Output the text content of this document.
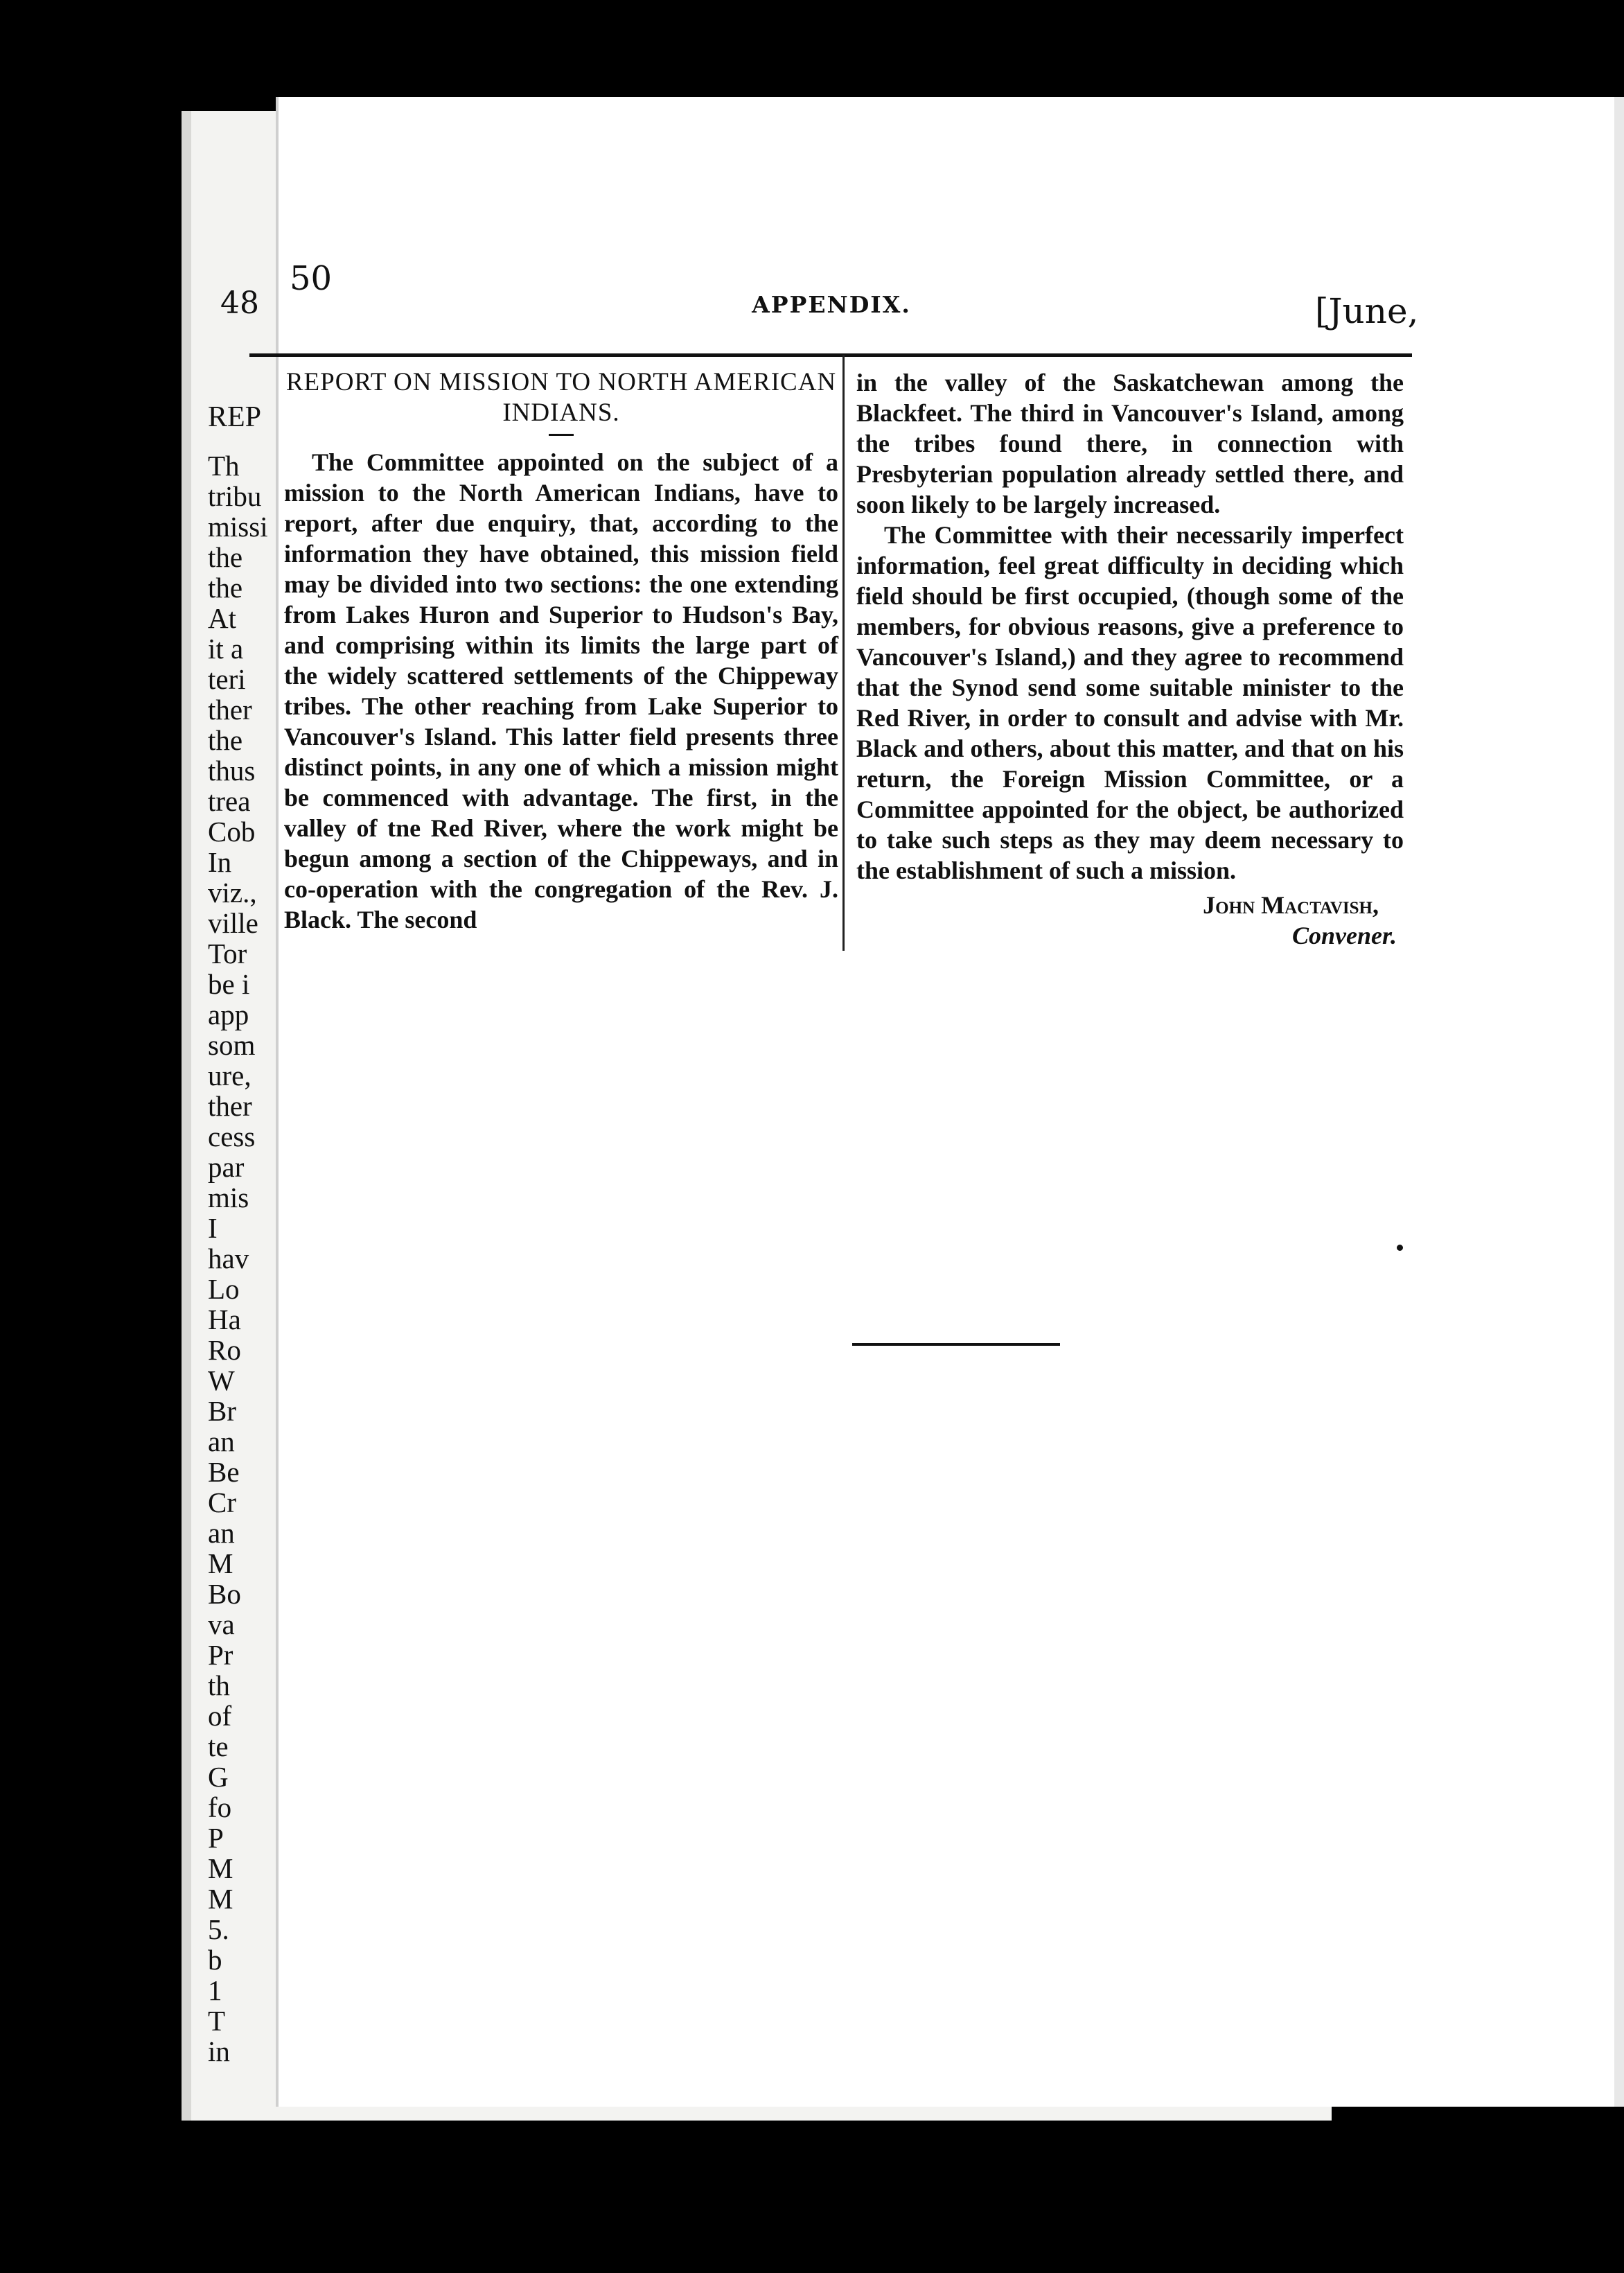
48
REP
Th
tribu
missi
the
the
At
it a
teri
ther
the
thus
trea
Cob
In
viz.,
ville
Tor
be i
app
som
ure,
ther
cess
par
mis
I
hav
Lo
Ha
Ro
W
Br
an
Be
Cr
an
M
Bo
va
Pr
th
of
te
G
fo
P
M
M
5.
b
1
T
in
50
APPENDIX.	[June,
REPORT ON MISSION TO NORTH AMERICAN INDIANS.

The Committee appointed on the subject of a mission to the North American Indians, have to report, after due enquiry, that, according to the information they have obtained, this mission field may be divided into two sections: the one extending from Lakes Huron and Superior to Hudson's Bay, and comprising within its limits the large part of the widely scattered settlements of the Chippeway tribes. The other reaching from Lake Superior to Vancouver's Island. This latter field presents three distinct points, in any one of which a mission might be commenced with advantage. The first, in the valley of tne Red River, where the work might be begun among a section of the Chippeways, and in co-operation with the congregation of the Rev. J. Black. The second

in the valley of the Saskatchewan among the Blackfeet. The third in Vancouver's Island, among the tribes found there, in connection with Presbyterian population already settled there, and soon likely to be largely increased.

The Committee with their necessarily imperfect information, feel great difficulty in deciding which field should be first occupied, (though some of the members, for obvious reasons, give a preference to Vancouver's Island,) and they agree to recommend that the Synod send some suitable minister to the Red River, in order to consult and advise with Mr. Black and others, about this matter, and that on his return, the Foreign Mission Committee, or a Committee appointed for the object, be authorized to take such steps as they may deem necessary to the establishment of such a mission.

John Mactavish,
Convener.
